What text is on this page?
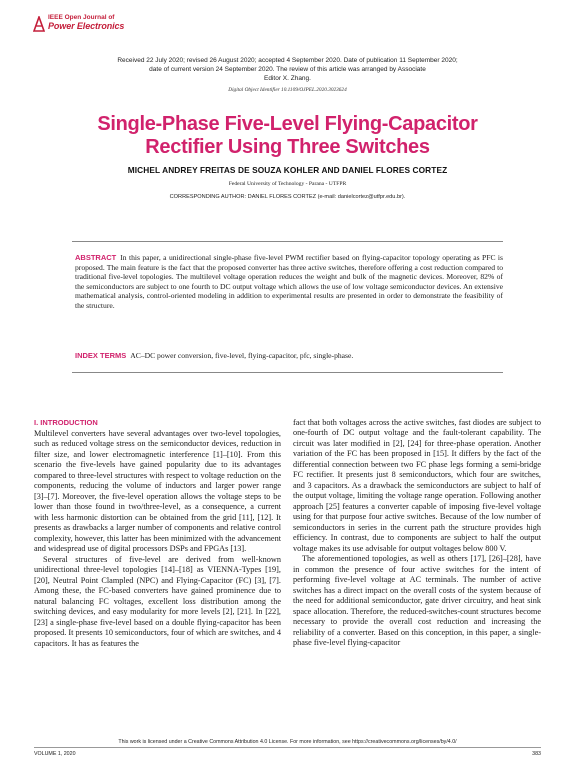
IEEE Open Journal of
Power Electronics
Received 22 July 2020; revised 26 August 2020; accepted 4 September 2020. Date of publication 11 September 2020;
date of current version 24 September 2020. The review of this article was arranged by Associate
Editor X. Zhang.
Digital Object Identifier 10.1109/OJPEL.2020.3023624
Single-Phase Five-Level Flying-Capacitor
Rectifier Using Three Switches
MICHEL ANDREY FREITAS DE SOUZA KOHLER AND DANIEL FLORES CORTEZ
Federal University of Technology - Parana - UTFPR
CORRESPONDING AUTHOR: DANIEL FLORES CORTEZ (e-mail: danielcortez@utfpr.edu.br).
ABSTRACT In this paper, a unidirectional single-phase five-level PWM rectifier based on flying-capacitor topology operating as PFC is proposed. The main feature is the fact that the proposed converter has three active switches, therefore offering a cost reduction compared to traditional five-level topologies. The multilevel voltage operation reduces the weight and bulk of the magnetic devices. Moreover, 82% of the semiconductors are subject to one fourth to DC output voltage which allows the use of low voltage semiconductor devices. An extensive mathematical analysis, control-oriented modeling in addition to experimental results are presented in order to demonstrate the feasibility of the structure.
INDEX TERMS AC–DC power conversion, five-level, flying-capacitor, pfc, single-phase.
I. INTRODUCTION

Multilevel converters have several advantages over two-level topologies, such as reduced voltage stress on the semiconductor devices, reduction in filter size, and lower electromagnetic interference [1]–[10]. From this scenario the five-levels have gained popularity due to its advantages compared to three-level structures with respect to voltage reduction on the components, reducing the volume of inductors and larger power range [3]–[7]. Moreover, the five-level operation allows the voltage steps to be lower than those found in two/three-level, as a consequence, a current with less harmonic distortion can be obtained from the grid [11], [12]. It presents as drawbacks a larger number of components and relative control complexity, however, this latter has been minimized with the advancement and widespread use of digital processors DSPs and FPGAs [13].

Several structures of five-level are derived from well-known unidirectional three-level topologies [14]–[18] as VIENNA-Types [19], [20], Neutral Point Clampled (NPC) and Flying-Capacitor (FC) [3], [7]. Among these, the FC-based converters have gained prominence due to natural balancing FC voltages, excellent loss distribution among the switching devices, and easy modularity for more levels [2], [21]. In [22], [23] a single-phase five-level based on a double flying-capacitor has been proposed. It presents 10 semiconductors, four of which are switches, and 4 capacitors. It has as features the

fact that both voltages across the active switches, fast diodes are subject to one-fourth of DC output voltage and the fault-tolerant capability. The circuit was later modified in [2], [24] for three-phase operation. Another variation of the FC has been proposed in [15]. It differs by the fact of the differential connection between two FC phase legs forming a semi-bridge FC rectifier. It presents just 8 semiconductors, which four are switches, and 3 capacitors. As a drawback the semiconductors are subject to half of the output voltage, limiting the voltage range operation. Following another approach [25] features a converter capable of imposing five-level voltage using for that purpose four active switches. Because of the low number of semiconductors in series in the current path the structure provides high efficiency. In contrast, due to components are subject to half the output voltage makes its use advisable for output voltages below 800 V.

The aforementioned topologies, as well as others [17], [26]–[28], have in common the presence of four active switches for the intent of performing five-level voltage at AC terminals. The number of active switches has a direct impact on the overall costs of the system because of the need for additional semiconductor, gate driver circuitry, and heat sink space allocation. Therefore, the reduced-switches-count structures become necessary to provide the overall cost reduction and increasing the reliability of a converter. Based on this conception, in this paper, a single-phase five-level flying-capacitor

This work is licensed under a Creative Commons Attribution 4.0 License. For more information, see https://creativecommons.org/licenses/by/4.0/
VOLUME 1, 2020	383
